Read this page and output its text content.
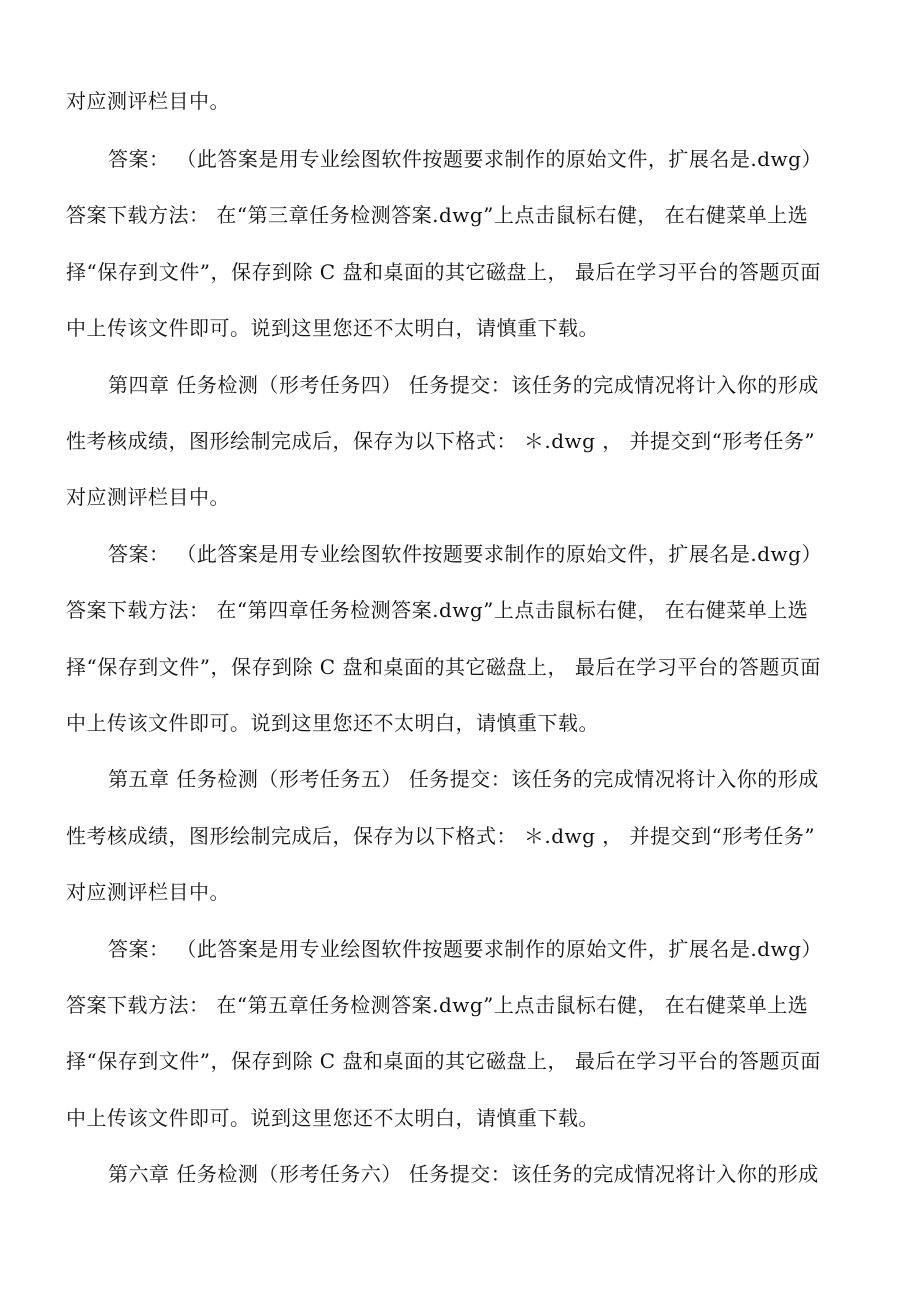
对应测评栏目中。
答案： （此答案是用专业绘图软件按题要求制作的原始文件，扩展名是.dwg）
答案下载方法： 在“第三章任务检测答案.dwg”上点击鼠标右健， 在右健菜单上选
择“保存到文件”，保存到除 C 盘和桌面的其它磁盘上， 最后在学习平台的答题页面
中上传该文件即可。说到这里您还不太明白，请慎重下载。
第四章 任务检测（形考任务四） 任务提交：该任务的完成情况将计入你的形成
性考核成绩，图形绘制完成后，保存为以下格式： ＊.dwg ， 并提交到“形考任务”
对应测评栏目中。
答案： （此答案是用专业绘图软件按题要求制作的原始文件，扩展名是.dwg）
答案下载方法： 在“第四章任务检测答案.dwg”上点击鼠标右健， 在右健菜单上选
择“保存到文件”，保存到除 C 盘和桌面的其它磁盘上， 最后在学习平台的答题页面
中上传该文件即可。说到这里您还不太明白，请慎重下载。
第五章 任务检测（形考任务五） 任务提交：该任务的完成情况将计入你的形成
性考核成绩，图形绘制完成后，保存为以下格式： ＊.dwg ， 并提交到“形考任务”
对应测评栏目中。
答案： （此答案是用专业绘图软件按题要求制作的原始文件，扩展名是.dwg）
答案下载方法： 在“第五章任务检测答案.dwg”上点击鼠标右健， 在右健菜单上选
择“保存到文件”，保存到除 C 盘和桌面的其它磁盘上， 最后在学习平台的答题页面
中上传该文件即可。说到这里您还不太明白，请慎重下载。
第六章 任务检测（形考任务六） 任务提交：该任务的完成情况将计入你的形成
